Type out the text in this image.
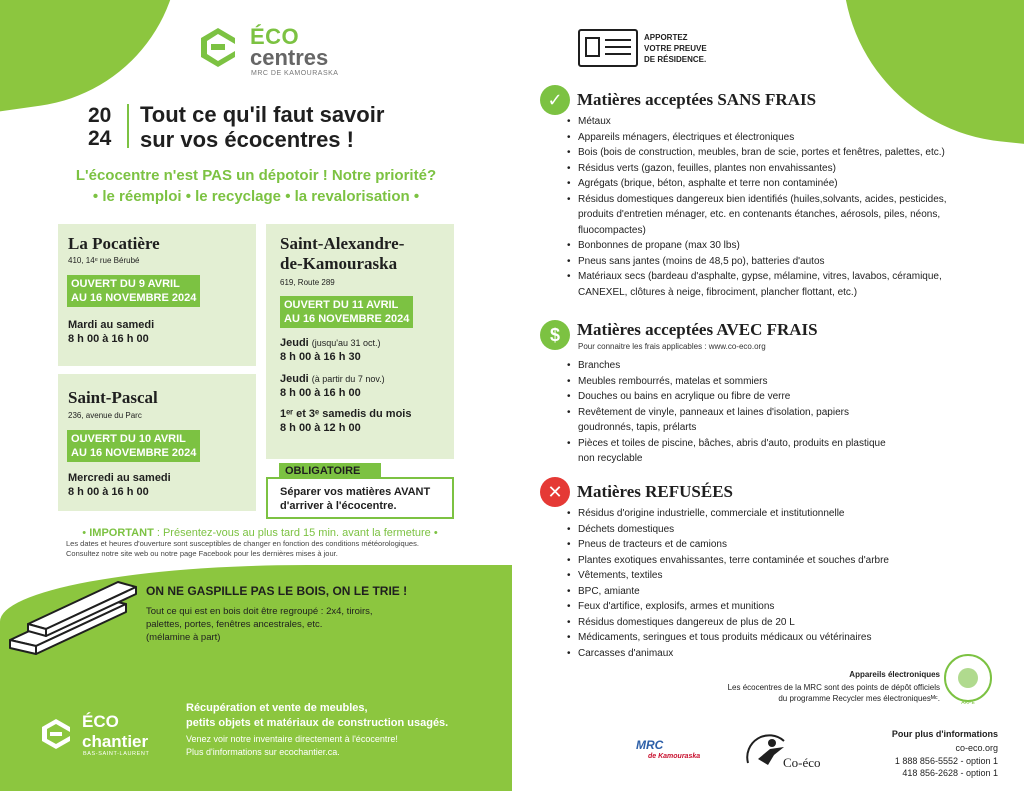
ÉCO
centres
MRC DE KAMOURASKA
20
24
Tout ce qu'il faut savoir
sur vos écocentres !
L'écocentre n'est PAS un dépotoir ! Notre priorité?
• le réemploi • le recyclage • la revalorisation •
La Pocatière
410, 14ᵉ rue Bérubé
OUVERT DU 9 AVRIL
AU 16 NOVEMBRE 2024
Mardi au samedi
8 h 00 à 16 h 00
Saint-Pascal
236, avenue du Parc
OUVERT DU 10 AVRIL
AU 16 NOVEMBRE 2024
Mercredi au samedi
8 h 00 à 16 h 00
Saint-Alexandre-
de-Kamouraska
619, Route 289
OUVERT DU 11 AVRIL
AU 16 NOVEMBRE 2024
Jeudi (jusqu'au 31 oct.)
8 h 00 à 16 h 30
Jeudi (à partir du 7 nov.)
8 h 00 à 16 h 00
1ᵉʳ et 3ᵉ samedis du mois
8 h 00 à 12 h 00
OBLIGATOIRE
Séparer vos matières AVANT
d'arriver à l'écocentre.
• IMPORTANT : Présentez-vous au plus tard 15 min. avant la fermeture •
Les dates et heures d'ouverture sont susceptibles de changer en fonction des conditions météorologiques.
Consultez notre site web ou notre page Facebook pour les dernières mises à jour.
ON NE GASPILLE PAS LE BOIS, ON LE TRIE !
Tout ce qui est en bois doit être regroupé : 2x4, tiroirs,
palettes, portes, fenêtres ancestrales, etc.
(mélamine à part)
ÉCO
chantier
BAS-SAINT-LAURENT
Récupération et vente de meubles,
petits objets et matériaux de construction usagés.
Venez voir notre inventaire directement à l'écocentre!
Plus d'informations sur ecochantier.ca.
APPORTEZ
VOTRE PREUVE
DE RÉSIDENCE.
✓ Matières acceptées SANS FRAIS
• Métaux
• Appareils ménagers, électriques et électroniques
• Bois (bois de construction, meubles, bran de scie, portes et fenêtres, palettes, etc.)
• Résidus verts (gazon, feuilles, plantes non envahissantes)
• Agrégats (brique, béton, asphalte et terre non contaminée)
• Résidus domestiques dangereux bien identifiés (huiles,solvants, acides, pesticides,
produits d'entretien ménager, etc. en contenants étanches, aérosols, piles, néons,
fluocompactes)
• Bonbonnes de propane (max 30 lbs)
• Pneus sans jantes (moins de 48,5 po), batteries d'autos
• Matériaux secs (bardeau d'asphalte, gypse, mélamine, vitres, lavabos, céramique,
CANEXEL, clôtures à neige, fibrociment, plancher flottant, etc.)
$	Matières acceptées AVEC FRAIS
Pour connaitre les frais applicables : www.co-eco.org
• Branches
• Meubles rembourrés, matelas et sommiers
• Douches ou bains en acrylique ou fibre de verre
• Revêtement de vinyle, panneaux et laines d'isolation, papiers
goudronnés, tapis, prélarts
• Pièces et toiles de piscine, bâches, abris d'auto, produits en plastique
non recyclable
✕ Matières REFUSÉES
• Résidus d'origine industrielle, commerciale et institutionnelle
• Déchets domestiques
• Pneus de tracteurs et de camions
• Plantes exotiques envahissantes, terre contaminée et souches d'arbre
• Vêtements, textiles
• BPC, amiante
• Feux d'artifice, explosifs, armes et munitions
• Résidus domestiques dangereux de plus de 20 L
• Médicaments, seringues et tous produits médicaux ou vétérinaires
• Carcasses d'animaux
Appareils électroniques
Les écocentres de la MRC sont des points de dépôt officiels
du programme Recycler mes électroniquesᴹᶜ.	ARPE
MRC
de Kamouraska	Co-éco
Pour plus d'informations
co-eco.org
1 888 856-5552 - option 1
418 856-2628 - option 1
